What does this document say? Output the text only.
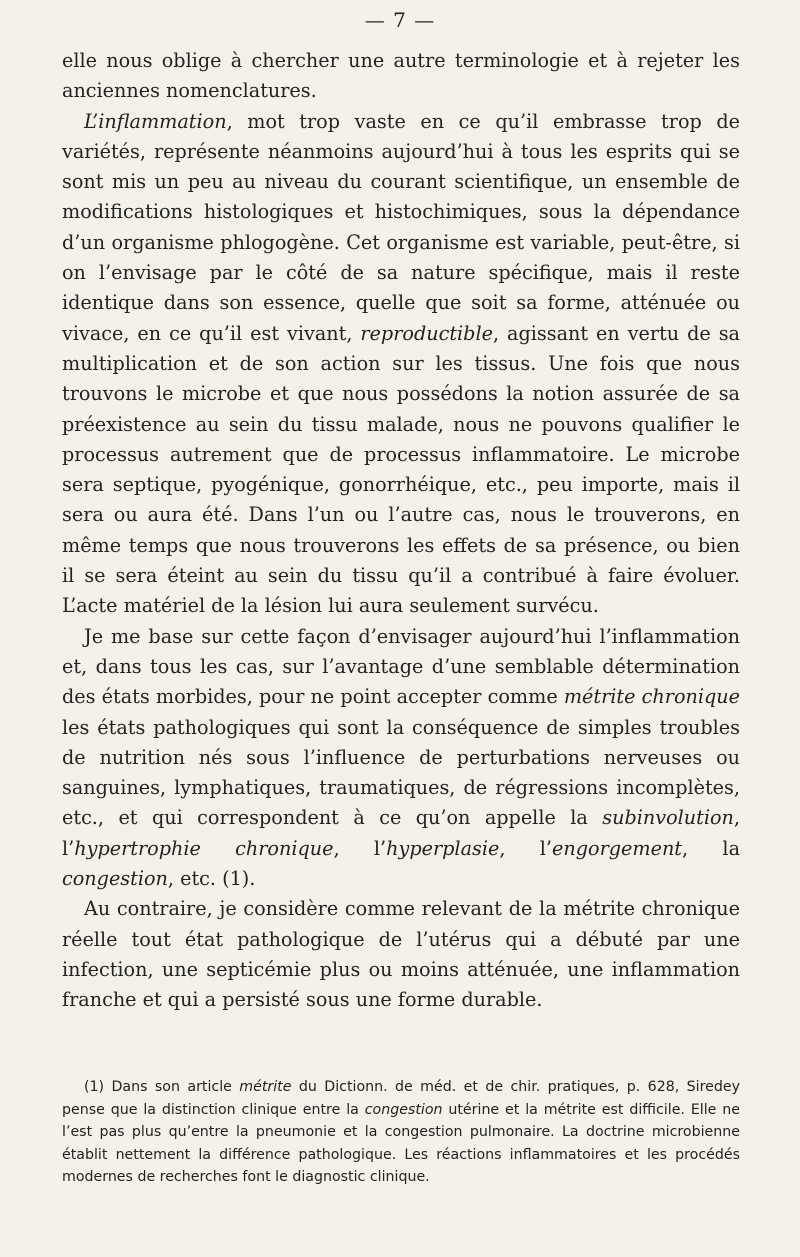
— 7 —

elle nous oblige à chercher une autre terminologie et à rejeter les anciennes nomenclatures.

L’inflammation, mot trop vaste en ce qu’il embrasse trop de variétés, représente néanmoins aujourd’hui à tous les esprits qui se sont mis un peu au niveau du courant scientifique, un ensemble de modifications histologiques et histochimiques, sous la dépendance d’un organisme phlogogène. Cet organisme est variable, peut-être, si on l’envisage par le côté de sa nature spécifique, mais il reste identique dans son essence, quelle que soit sa forme, atténuée ou vivace, en ce qu’il est vivant, reproductible, agissant en vertu de sa multiplication et de son action sur les tissus. Une fois que nous trouvons le microbe et que nous possédons la notion assurée de sa préexistence au sein du tissu malade, nous ne pouvons qualifier le processus autrement que de processus inflammatoire. Le microbe sera septique, pyogénique, gonorrhéique, etc., peu importe, mais il sera ou aura été. Dans l’un ou l’autre cas, nous le trouverons, en même temps que nous trouverons les effets de sa présence, ou bien il se sera éteint au sein du tissu qu’il a contribué à faire évoluer. L’acte matériel de la lésion lui aura seulement survécu.

Je me base sur cette façon d’envisager aujourd’hui l’inflammation et, dans tous les cas, sur l’avantage d’une semblable détermination des états morbides, pour ne point accepter comme métrite chronique les états pathologiques qui sont la conséquence de simples troubles de nutrition nés sous l’influence de perturbations nerveuses ou sanguines, lymphatiques, traumatiques, de régressions incomplètes, etc., et qui correspondent à ce qu’on appelle la subinvolution, l’hypertrophie chronique, l’hyperplasie, l’engorgement, la congestion, etc. (1).

Au contraire, je considère comme relevant de la métrite chronique réelle tout état pathologique de l’utérus qui a débuté par une infection, une septicémie plus ou moins atténuée, une inflammation franche et qui a persisté sous une forme durable.

(1) Dans son article métrite du Dictionn. de méd. et de chir. pratiques, p. 628, Siredey pense que la distinction clinique entre la congestion utérine et la métrite est difficile. Elle ne l’est pas plus qu’entre la pneumonie et la congestion pulmonaire. La doctrine microbienne établit nettement la différence pathologique. Les réactions inflammatoires et les procédés modernes de recherches font le diagnostic clinique.
